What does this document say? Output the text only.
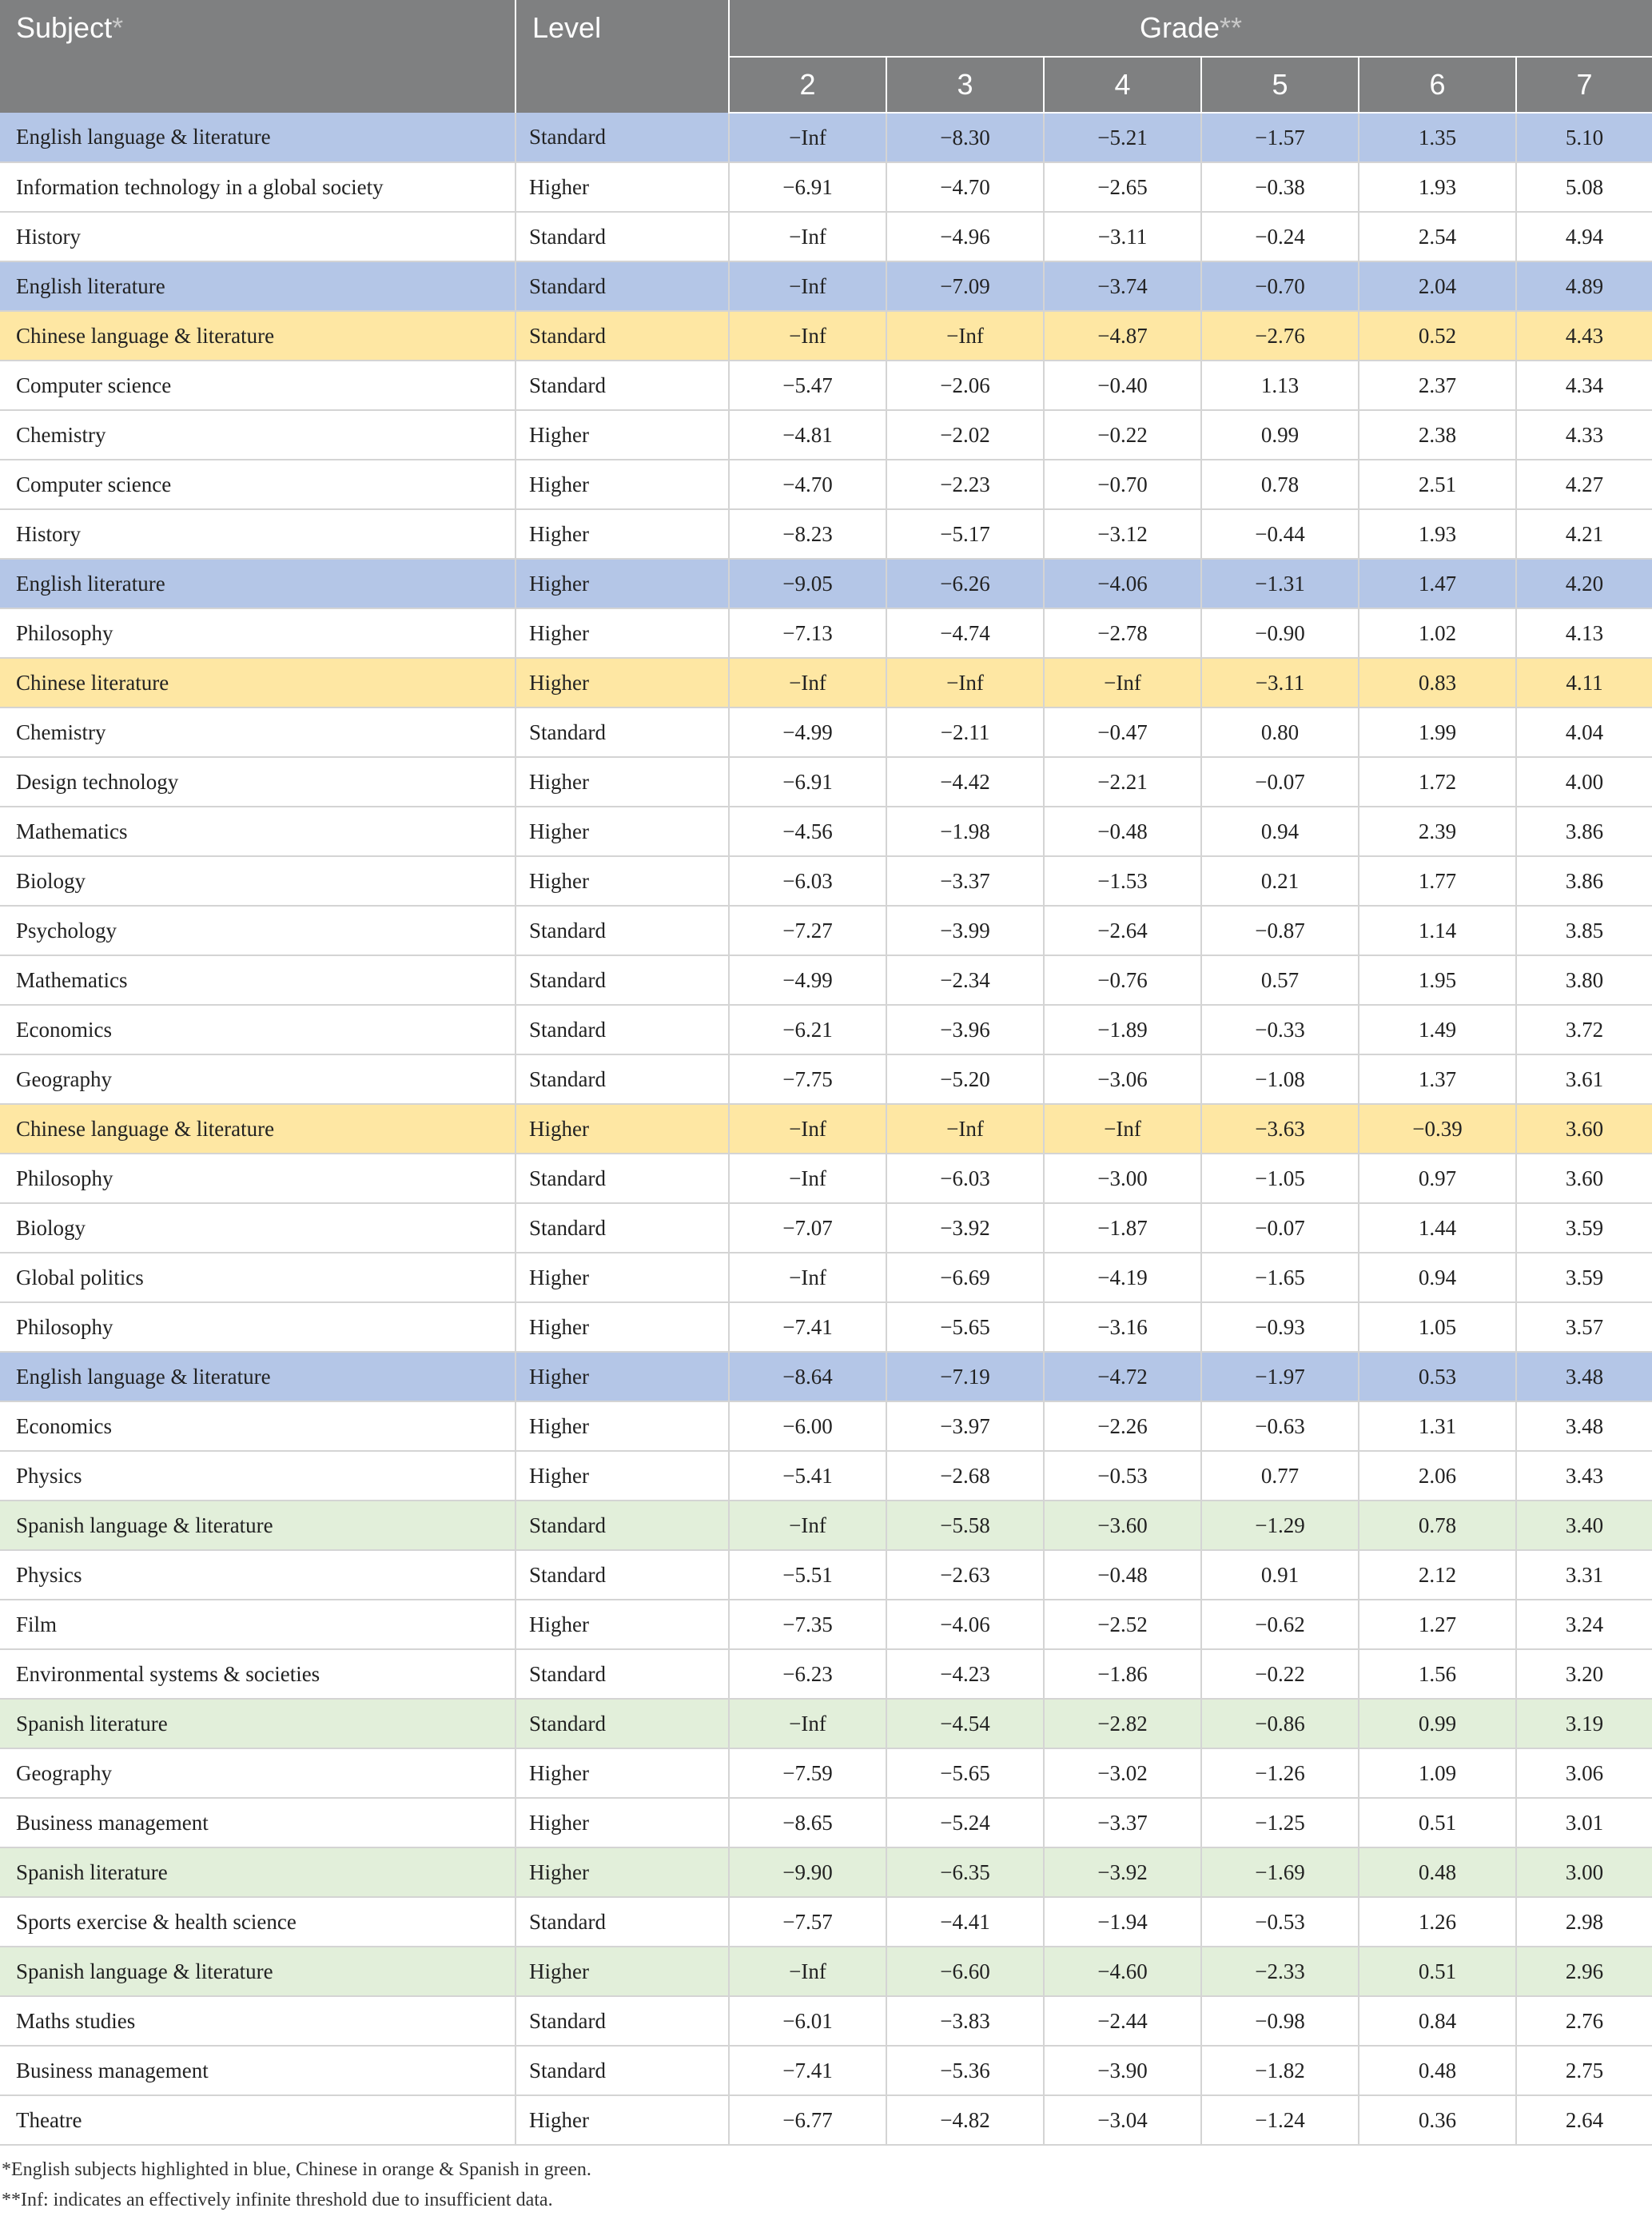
Subject*	Level	Grade**					
		2	3	4	5	6	7
English language & literature	Standard	−Inf	−8.30	−5.21	−1.57	1.35	5.10
Information technology in a global society	Higher	−6.91	−4.70	−2.65	−0.38	1.93	5.08
History	Standard	−Inf	−4.96	−3.11	−0.24	2.54	4.94
English literature	Standard	−Inf	−7.09	−3.74	−0.70	2.04	4.89
Chinese language & literature	Standard	−Inf	−Inf	−4.87	−2.76	0.52	4.43
Computer science	Standard	−5.47	−2.06	−0.40	1.13	2.37	4.34
Chemistry	Higher	−4.81	−2.02	−0.22	0.99	2.38	4.33
Computer science	Higher	−4.70	−2.23	−0.70	0.78	2.51	4.27
History	Higher	−8.23	−5.17	−3.12	−0.44	1.93	4.21
English literature	Higher	−9.05	−6.26	−4.06	−1.31	1.47	4.20
Philosophy	Higher	−7.13	−4.74	−2.78	−0.90	1.02	4.13
Chinese literature	Higher	−Inf	−Inf	−Inf	−3.11	0.83	4.11
Chemistry	Standard	−4.99	−2.11	−0.47	0.80	1.99	4.04
Design technology	Higher	−6.91	−4.42	−2.21	−0.07	1.72	4.00
Mathematics	Higher	−4.56	−1.98	−0.48	0.94	2.39	3.86
Biology	Higher	−6.03	−3.37	−1.53	0.21	1.77	3.86
Psychology	Standard	−7.27	−3.99	−2.64	−0.87	1.14	3.85
Mathematics	Standard	−4.99	−2.34	−0.76	0.57	1.95	3.80
Economics	Standard	−6.21	−3.96	−1.89	−0.33	1.49	3.72
Geography	Standard	−7.75	−5.20	−3.06	−1.08	1.37	3.61
Chinese language & literature	Higher	−Inf	−Inf	−Inf	−3.63	−0.39	3.60
Philosophy	Standard	−Inf	−6.03	−3.00	−1.05	0.97	3.60
Biology	Standard	−7.07	−3.92	−1.87	−0.07	1.44	3.59
Global politics	Higher	−Inf	−6.69	−4.19	−1.65	0.94	3.59
Philosophy	Higher	−7.41	−5.65	−3.16	−0.93	1.05	3.57
English language & literature	Higher	−8.64	−7.19	−4.72	−1.97	0.53	3.48
Economics	Higher	−6.00	−3.97	−2.26	−0.63	1.31	3.48
Physics	Higher	−5.41	−2.68	−0.53	0.77	2.06	3.43
Spanish language & literature	Standard	−Inf	−5.58	−3.60	−1.29	0.78	3.40
Physics	Standard	−5.51	−2.63	−0.48	0.91	2.12	3.31
Film	Higher	−7.35	−4.06	−2.52	−0.62	1.27	3.24
Environmental systems & societies	Standard	−6.23	−4.23	−1.86	−0.22	1.56	3.20
Spanish literature	Standard	−Inf	−4.54	−2.82	−0.86	0.99	3.19
Geography	Higher	−7.59	−5.65	−3.02	−1.26	1.09	3.06
Business management	Higher	−8.65	−5.24	−3.37	−1.25	0.51	3.01
Spanish literature	Higher	−9.90	−6.35	−3.92	−1.69	0.48	3.00
Sports exercise & health science	Standard	−7.57	−4.41	−1.94	−0.53	1.26	2.98
Spanish language & literature	Higher	−Inf	−6.60	−4.60	−2.33	0.51	2.96
Maths studies	Standard	−6.01	−3.83	−2.44	−0.98	0.84	2.76
Business management	Standard	−7.41	−5.36	−3.90	−1.82	0.48	2.75
Theatre	Higher	−6.77	−4.82	−3.04	−1.24	0.36	2.64
*English subjects highlighted in blue, Chinese in orange & Spanish in green.
**Inf: indicates an effectively infinite threshold due to insufficient data.
